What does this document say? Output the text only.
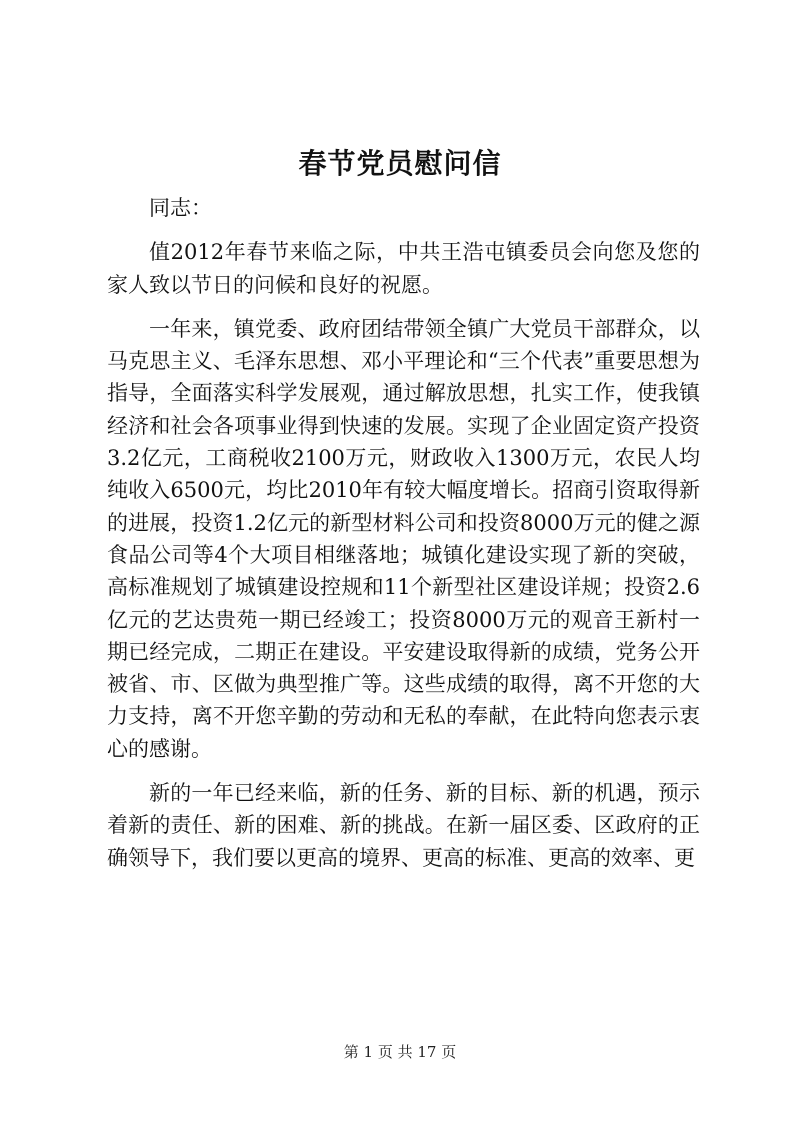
春节党员慰问信

同志：

值2012年春节来临之际，中共王浩屯镇委员会向您及您的家人致以节日的问候和良好的祝愿。

一年来，镇党委、政府团结带领全镇广大党员干部群众，以马克思主义、毛泽东思想、邓小平理论和“三个代表”重要思想为指导，全面落实科学发展观，通过解放思想，扎实工作，使我镇经济和社会各项事业得到快速的发展。实现了企业固定资产投资3.2亿元，工商税收2100万元，财政收入1300万元，农民人均纯收入6500元，均比2010年有较大幅度增长。招商引资取得新的进展，投资1.2亿元的新型材料公司和投资8000万元的健之源食品公司等4个大项目相继落地；城镇化建设实现了新的突破，高标准规划了城镇建设控规和11个新型社区建设详规；投资2.6亿元的艺达贵苑一期已经竣工；投资8000万元的观音王新村一期已经完成，二期正在建设。平安建设取得新的成绩，党务公开被省、市、区做为典型推广等。这些成绩的取得，离不开您的大力支持，离不开您辛勤的劳动和无私的奉献，在此特向您表示衷心的感谢。

新的一年已经来临，新的任务、新的目标、新的机遇，预示着新的责任、新的困难、新的挑战。在新一届区委、区政府的正确领导下，我们要以更高的境界、更高的标准、更高的效率、更

第 1 页 共 17 页
